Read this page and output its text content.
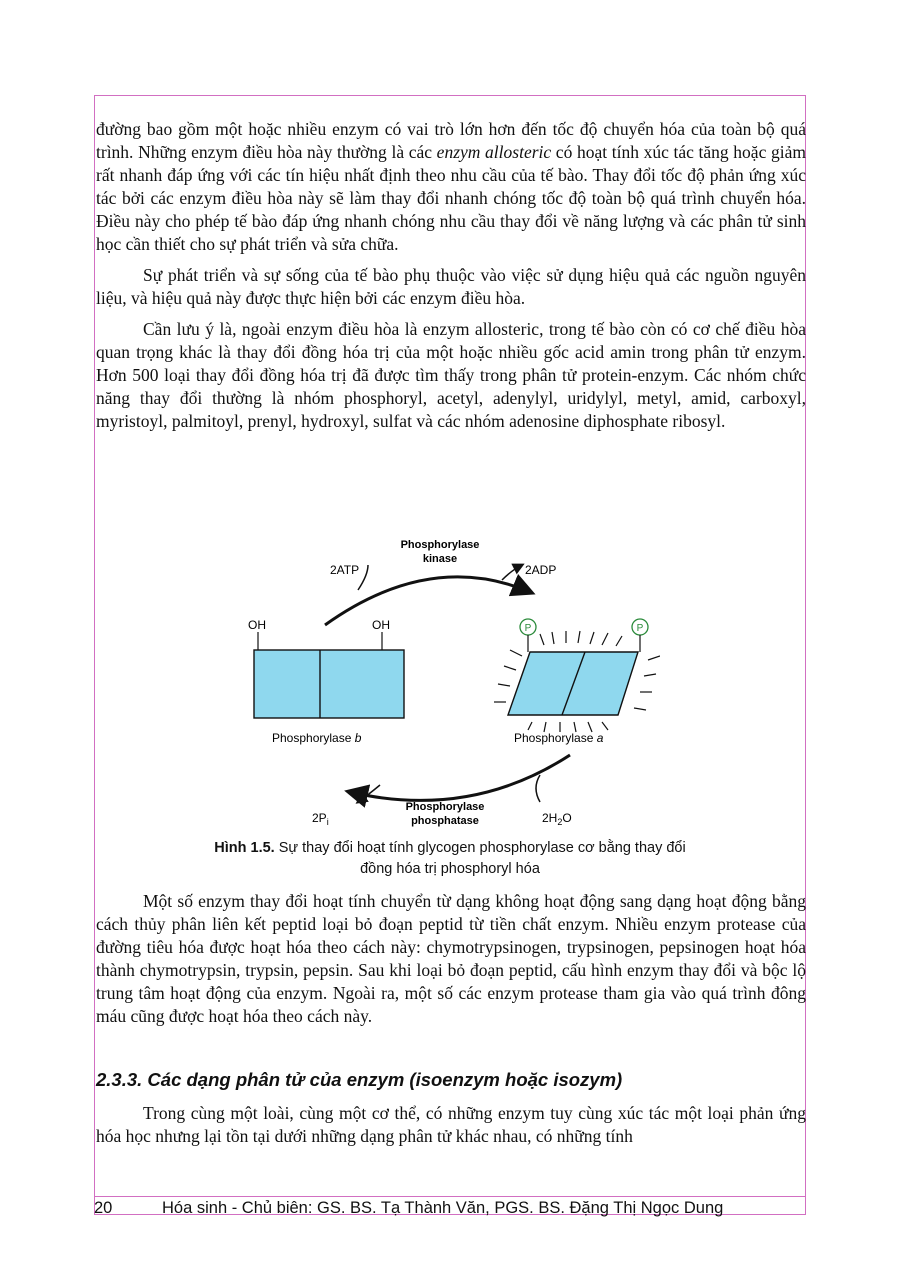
đường bao gồm một hoặc nhiều enzym có vai trò lớn hơn đến tốc độ chuyển hóa của toàn bộ quá trình. Những enzym điều hòa này thường là các enzym allosteric có hoạt tính xúc tác tăng hoặc giảm rất nhanh đáp ứng với các tín hiệu nhất định theo nhu cầu của tế bào. Thay đổi tốc độ phản ứng xúc tác bởi các enzym điều hòa này sẽ làm thay đổi nhanh chóng tốc độ toàn bộ quá trình chuyển hóa. Điều này cho phép tế bào đáp ứng nhanh chóng nhu cầu thay đổi về năng lượng và các phân tử sinh học cần thiết cho sự phát triển và sửa chữa.

Sự phát triển và sự sống của tế bào phụ thuộc vào việc sử dụng hiệu quả các nguồn nguyên liệu, và hiệu quả này được thực hiện bởi các enzym điều hòa.

Cần lưu ý là, ngoài enzym điều hòa là enzym allosteric, trong tế bào còn có cơ chế điều hòa quan trọng khác là thay đổi đồng hóa trị của một hoặc nhiều gốc acid amin trong phân tử enzym. Hơn 500 loại thay đổi đồng hóa trị đã được tìm thấy trong phân tử protein-enzym. Các nhóm chức năng thay đổi thường là nhóm phosphoryl, acetyl, adenylyl, uridylyl, metyl, amid, carboxyl, myristoyl, palmitoyl, prenyl, hydroxyl, sulfat và các nhóm adenosine diphosphate ribosyl.

Phosphorylase
kinase
2ATP	2ADP
OH	OH
Phosphorylase b
P	P
Phosphorylase a
$2P_i$	$2H_2O$
Phosphorylase
phosphatase
Hình 1.5. Sự thay đổi hoạt tính glycogen phosphorylase cơ bằng thay đổi
đồng hóa trị phosphoryl hóa

Một số enzym thay đổi hoạt tính chuyển từ dạng không hoạt động sang dạng hoạt động bằng cách thủy phân liên kết peptid loại bỏ đoạn peptid từ tiền chất enzym. Nhiều enzym protease của đường tiêu hóa được hoạt hóa theo cách này: chymotrypsinogen, trypsinogen, pepsinogen hoạt hóa thành chymotrypsin, trypsin, pepsin. Sau khi loại bỏ đoạn peptid, cấu hình enzym thay đổi và bộc lộ trung tâm hoạt động của enzym. Ngoài ra, một số các enzym protease tham gia vào quá trình đông máu cũng được hoạt hóa theo cách này.

2.3.3. Các dạng phân tử của enzym (isoenzym hoặc isozym)

Trong cùng một loài, cùng một cơ thể, có những enzym tuy cùng xúc tác một loại phản ứng hóa học nhưng lại tồn tại dưới những dạng phân tử khác nhau, có những tính

20	Hóa sinh - Chủ biên: GS. BS. Tạ Thành Văn, PGS. BS. Đặng Thị Ngọc Dung
